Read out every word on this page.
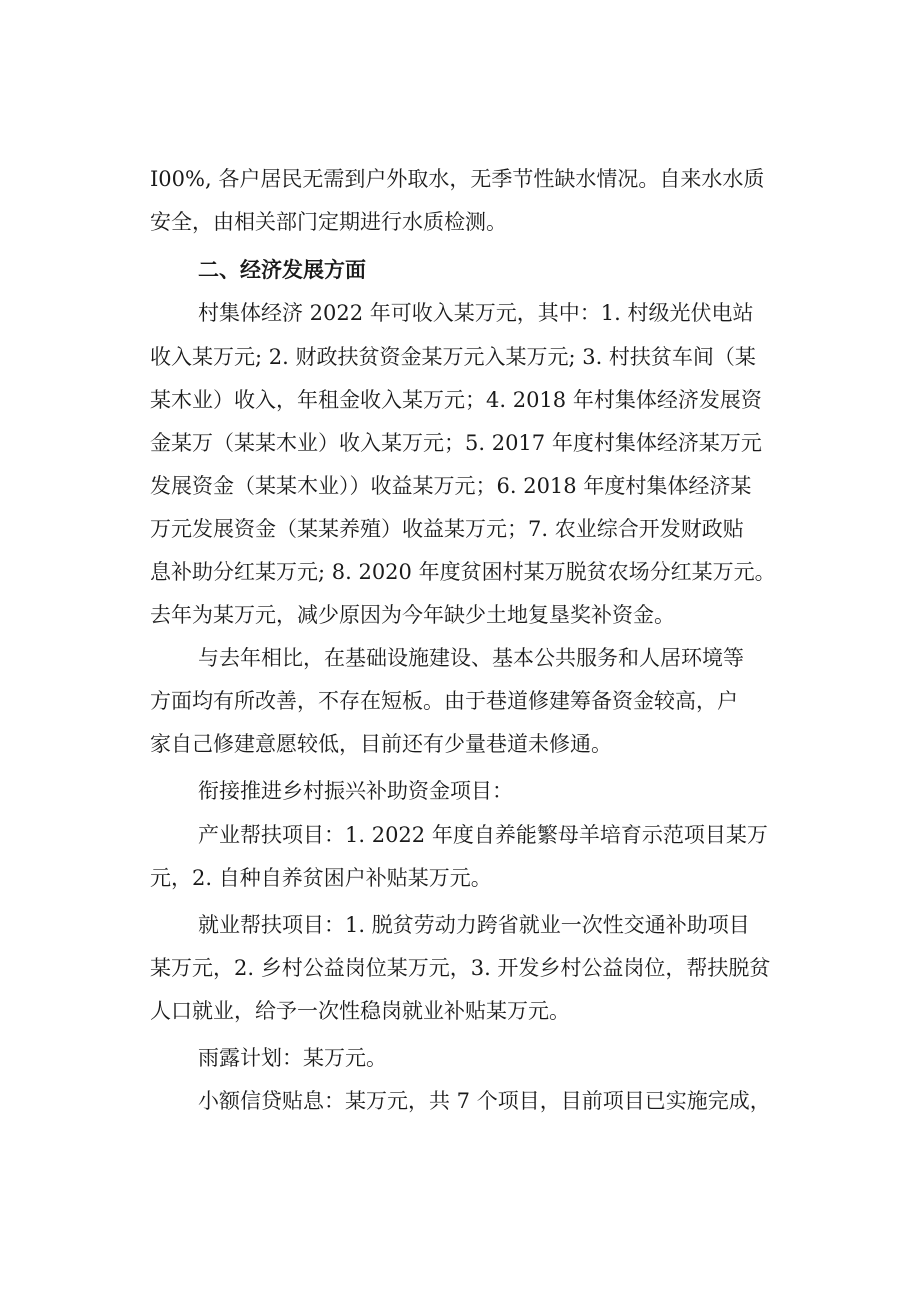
I00%, 各户居民无需到户外取水，无季节性缺水情况。自来水水质
安全，由相关部门定期进行水质检测。
二、经济发展方面
村集体经济 2022 年可收入某万元，其中：1. 村级光伏电站
收入某万元; 2. 财政扶贫资金某万元入某万元; 3. 村扶贫车间（某
某木业）收入，年租金收入某万元；4. 2018 年村集体经济发展资
金某万（某某木业）收入某万元；5. 2017 年度村集体经济某万元
发展资金（某某木业））收益某万元；6. 2018 年度村集体经济某
万元发展资金（某某养殖）收益某万元；7. 农业综合开发财政贴
息补助分红某万元; 8. 2020 年度贫困村某万脱贫农场分红某万元。
去年为某万元，减少原因为今年缺少土地复垦奖补资金。
与去年相比，在基础设施建设、基本公共服务和人居环境等
方面均有所改善，不存在短板。由于巷道修建筹备资金较高，户
家自己修建意愿较低，目前还有少量巷道未修通。
衔接推进乡村振兴补助资金项目：
产业帮扶项目：1. 2022 年度自养能繁母羊培育示范项目某万
元，2. 自种自养贫困户补贴某万元。
就业帮扶项目：1. 脱贫劳动力跨省就业一次性交通补助项目
某万元，2. 乡村公益岗位某万元，3. 开发乡村公益岗位，帮扶脱贫
人口就业，给予一次性稳岗就业补贴某万元。
雨露计划：某万元。
小额信贷贴息：某万元，共 7 个项目，目前项目已实施完成，
